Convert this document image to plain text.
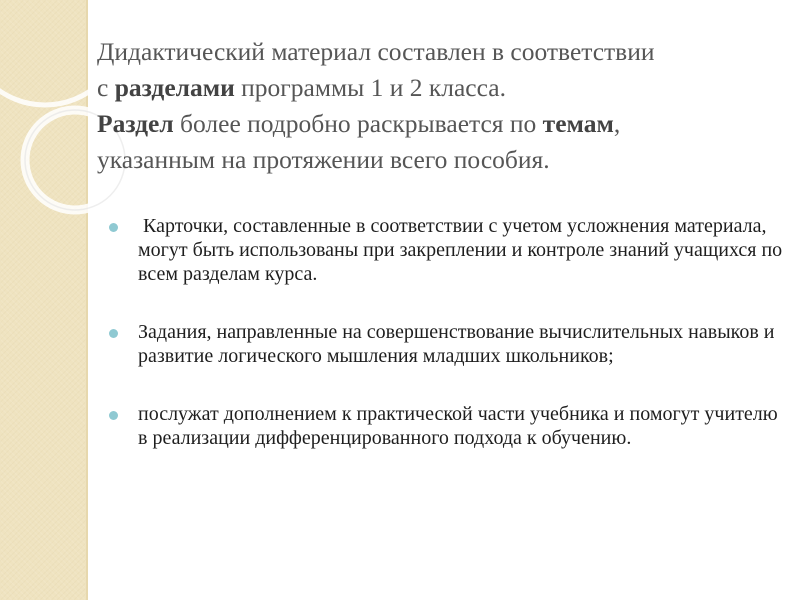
Дидактический материал составлен в соответствии
с разделами программы 1 и 2 класса.
Раздел более подробно раскрывается по темам,
указанным на протяжении всего пособия.
Карточки, составленные в соответствии с учетом усложнения материала, могут быть использованы при закреплении и контроле знаний учащихся по всем разделам курса.
Задания, направленные на совершенствование вычислительных навыков и развитие логического мышления младших школьников;
послужат дополнением к практической части учебника и помогут учителю в реализации дифференцированного подхода к обучению.
